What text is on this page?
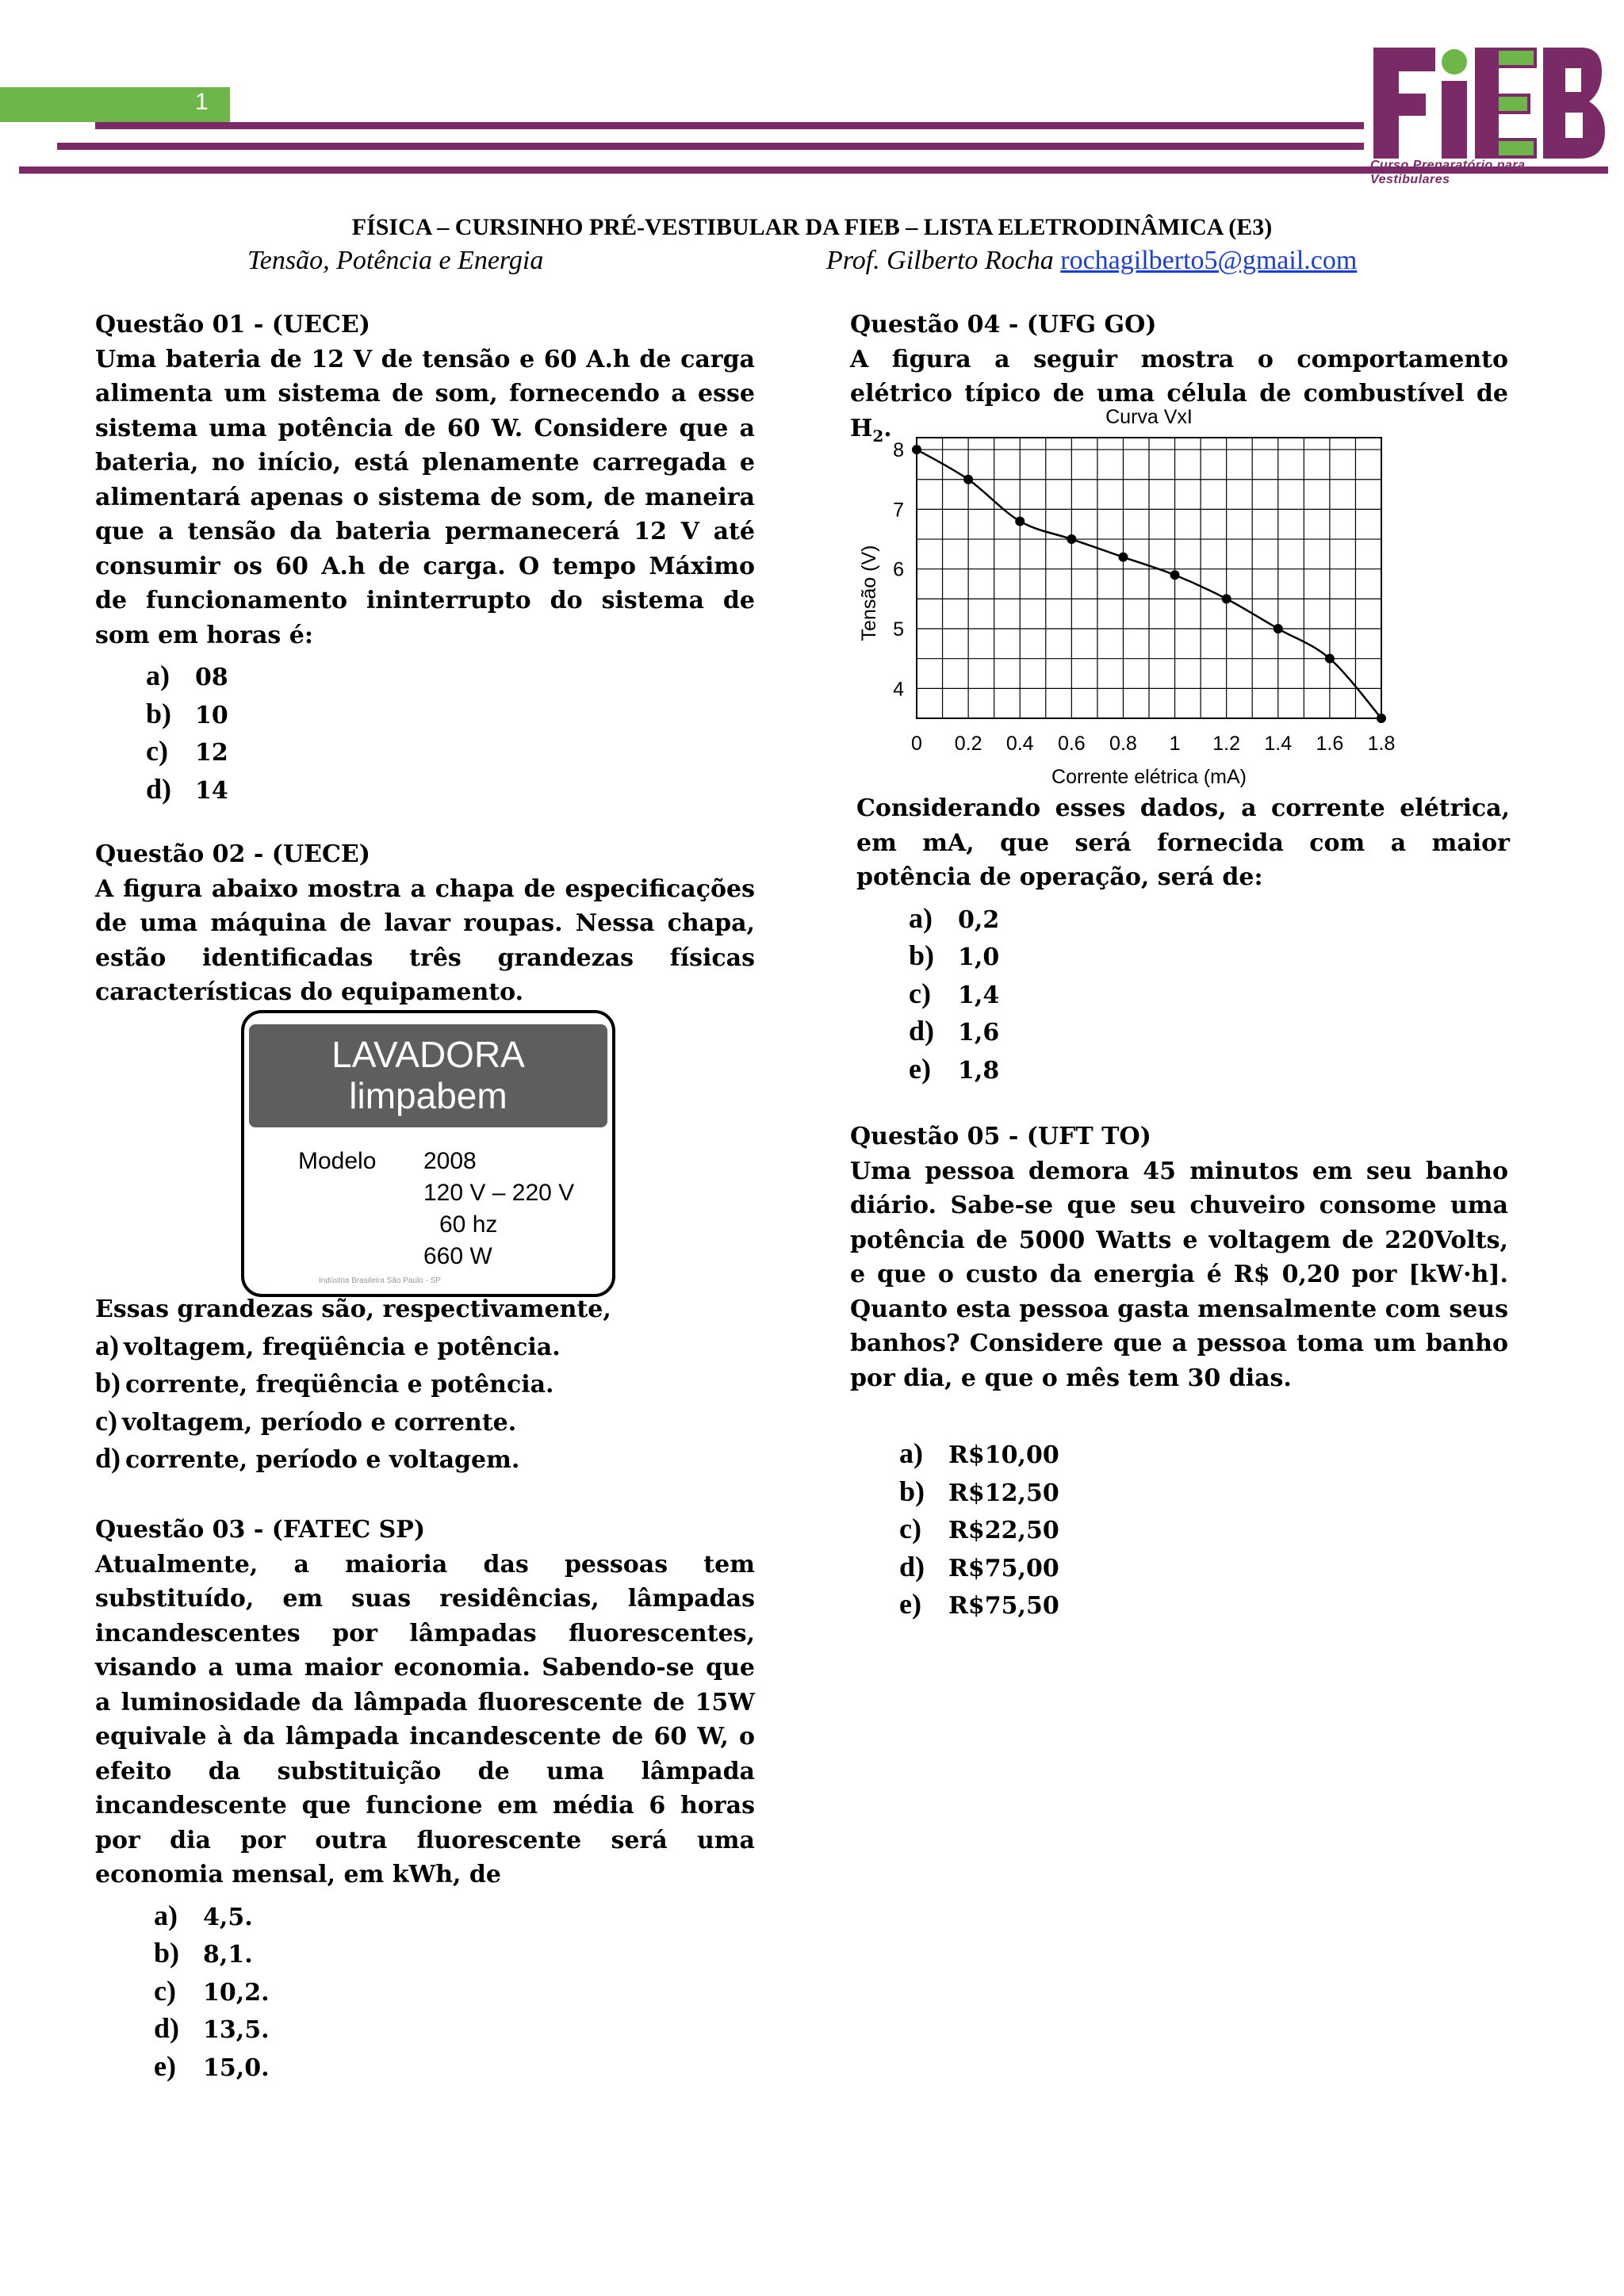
1
Curso Preparatório para Vestibulares
FÍSICA – CURSINHO PRÉ-VESTIBULAR DA FIEB – LISTA ELETRODINÂMICA (E3)
Tensão, Potência e Energia	Prof. Gilberto Rocha rochagilberto5@gmail.com
Questão 01 - (UECE)

Uma bateria de 12 V de tensão e 60 A.h de carga alimenta um sistema de som, fornecendo a esse sistema uma potência de 60 W. Considere que a bateria, no início, está plenamente carregada e alimentará apenas o sistema de som, de maneira que a tensão da bateria permanecerá 12 V até consumir os 60 A.h de carga. O tempo Máximo de funcionamento ininterrupto do sistema de som em horas é:

a) 08
b) 10
c) 12
d) 14
Questão 02 - (UECE)

A figura abaixo mostra a chapa de especificações de uma máquina de lavar roupas. Nessa chapa, estão identificadas três grandezas físicas características do equipamento.

LAVADORA
limpabem
Modelo 2008
120 V – 220 V
60 hz
660 W
Indústria Brasileira São Paulo - SP

Essas grandezas são, respectivamente,

a) voltagem, freqüência e potência.
b) corrente, freqüência e potência.
c) voltagem, período e corrente.
d) corrente, período e voltagem.
Questão 03 - (FATEC SP)

Atualmente, a maioria das pessoas tem substituído, em suas residências, lâmpadas incandescentes por lâmpadas fluorescentes, visando a uma maior economia. Sabendo-se que a luminosidade da lâmpada fluorescente de 15W equivale à da lâmpada incandescente de 60 W, o efeito da substituição de uma lâmpada incandescente que funcione em média 6 horas por dia por outra fluorescente será uma economia mensal, em kWh, de

a) 4,5.
b) 8,1.
c) 10,2.
d) 13,5.
e) 15,0.
Questão 04 - (UFG GO)

A figura a seguir mostra o comportamento elétrico típico de uma célula de combustível de $H_2$.

0 0.2 0.4 0.6 0.8 1 1.2 1.4 1.6 1.8
4
5
6
7
8
Curva VxI
Corrente elétrica (mA)
Tensão (V)

Considerando esses dados, a corrente elétrica, em mA, que será fornecida com a maior potência de operação, será de:

a) 0,2
b) 1,0
c) 1,4
d) 1,6
e) 1,8
Questão 05 - (UFT TO)

Uma pessoa demora 45 minutos em seu banho diário. Sabe-se que seu chuveiro consome uma potência de 5000 Watts e voltagem de 220Volts, e que o custo da energia é R$ 0,20 por [kW·h]. Quanto esta pessoa gasta mensalmente com seus banhos? Considere que a pessoa toma um banho por dia, e que o mês tem 30 dias.

a) R$10,00
b) R$12,50
c) R$22,50
d) R$75,00
e) R$75,50
